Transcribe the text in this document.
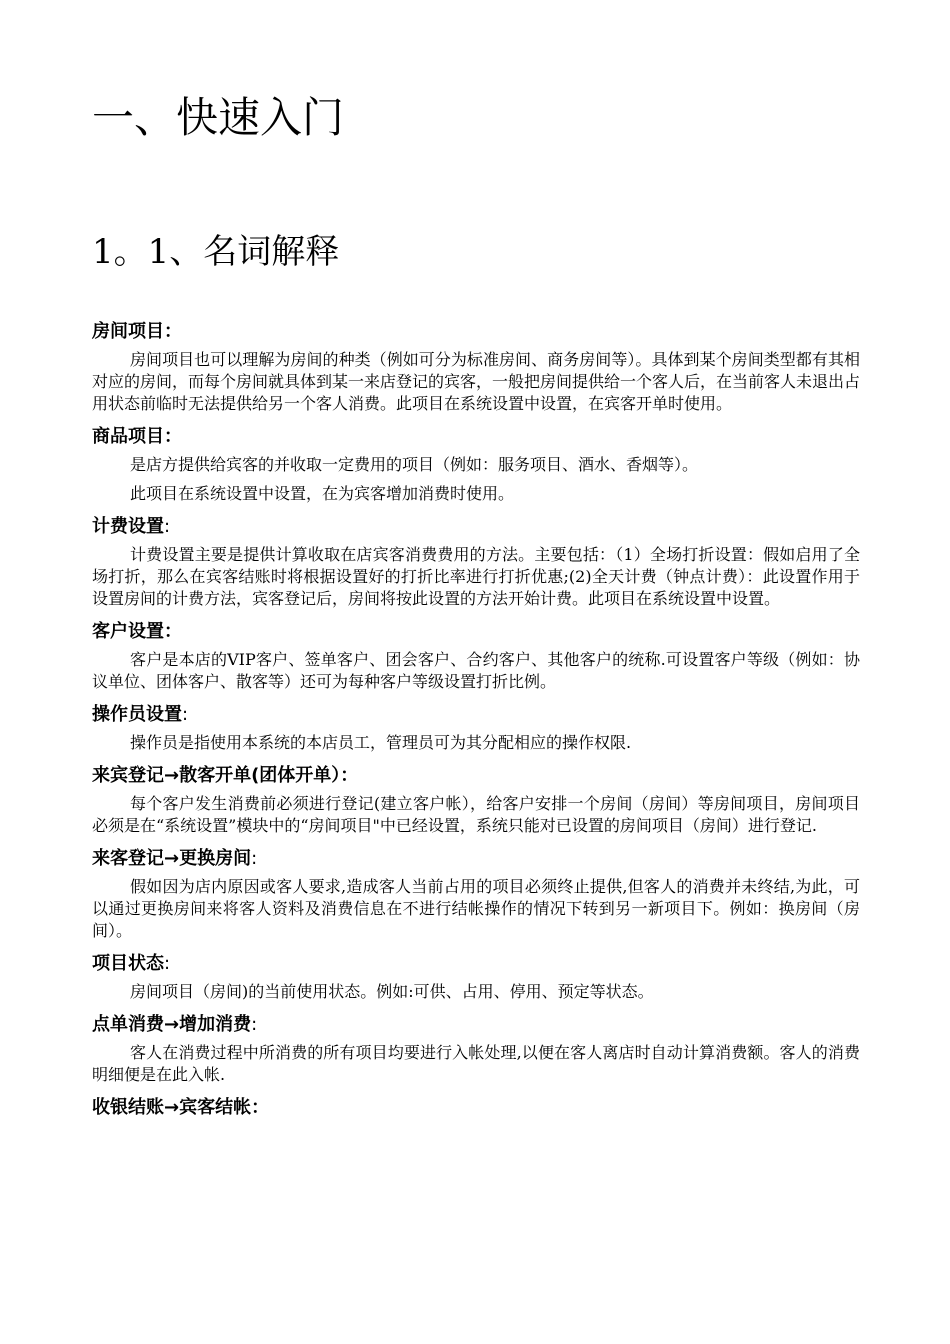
一、快速入门
1。1、名词解释

房间项目：

房间项目也可以理解为房间的种类（例如可分为标准房间、商务房间等）。具体到某个房间类型都有其相对应的房间，而每个房间就具体到某一来店登记的宾客，一般把房间提供给一个客人后，在当前客人未退出占用状态前临时无法提供给另一个客人消费。此项目在系统设置中设置，在宾客开单时使用。

商品项目：

是店方提供给宾客的并收取一定费用的项目（例如：服务项目、酒水、香烟等）。

此项目在系统设置中设置，在为宾客增加消费时使用。

计费设置:

计费设置主要是提供计算收取在店宾客消费费用的方法。主要包括：（1）全场打折设置：假如启用了全场打折，那么在宾客结账时将根据设置好的打折比率进行打折优惠;(2)全天计费（钟点计费）：此设置作用于设置房间的计费方法，宾客登记后，房间将按此设置的方法开始计费。此项目在系统设置中设置。

客户设置：

客户是本店的VIP客户、签单客户、团会客户、合约客户、其他客户的统称.可设置客户等级（例如：协议单位、团体客户、散客等）还可为每种客户等级设置打折比例。

操作员设置:

操作员是指使用本系统的本店员工，管理员可为其分配相应的操作权限.

来宾登记→散客开单(团体开单）：

每个客户发生消费前必须进行登记(建立客户帐），给客户安排一个房间（房间）等房间项目，房间项目必须是在“系统设置”模块中的“房间项目"中已经设置，系统只能对已设置的房间项目（房间）进行登记.

来客登记→更换房间:

假如因为店内原因或客人要求,造成客人当前占用的项目必须终止提供,但客人的消费并未终结,为此，可以通过更换房间来将客人资料及消费信息在不进行结帐操作的情况下转到另一新项目下。例如：换房间（房间）。

项目状态:

房间项目（房间)的当前使用状态。例如:可供、占用、停用、预定等状态。

点单消费→增加消费:

客人在消费过程中所消费的所有项目均要进行入帐处理,以便在客人离店时自动计算消费额。客人的消费明细便是在此入帐.

收银结账→宾客结帐：
